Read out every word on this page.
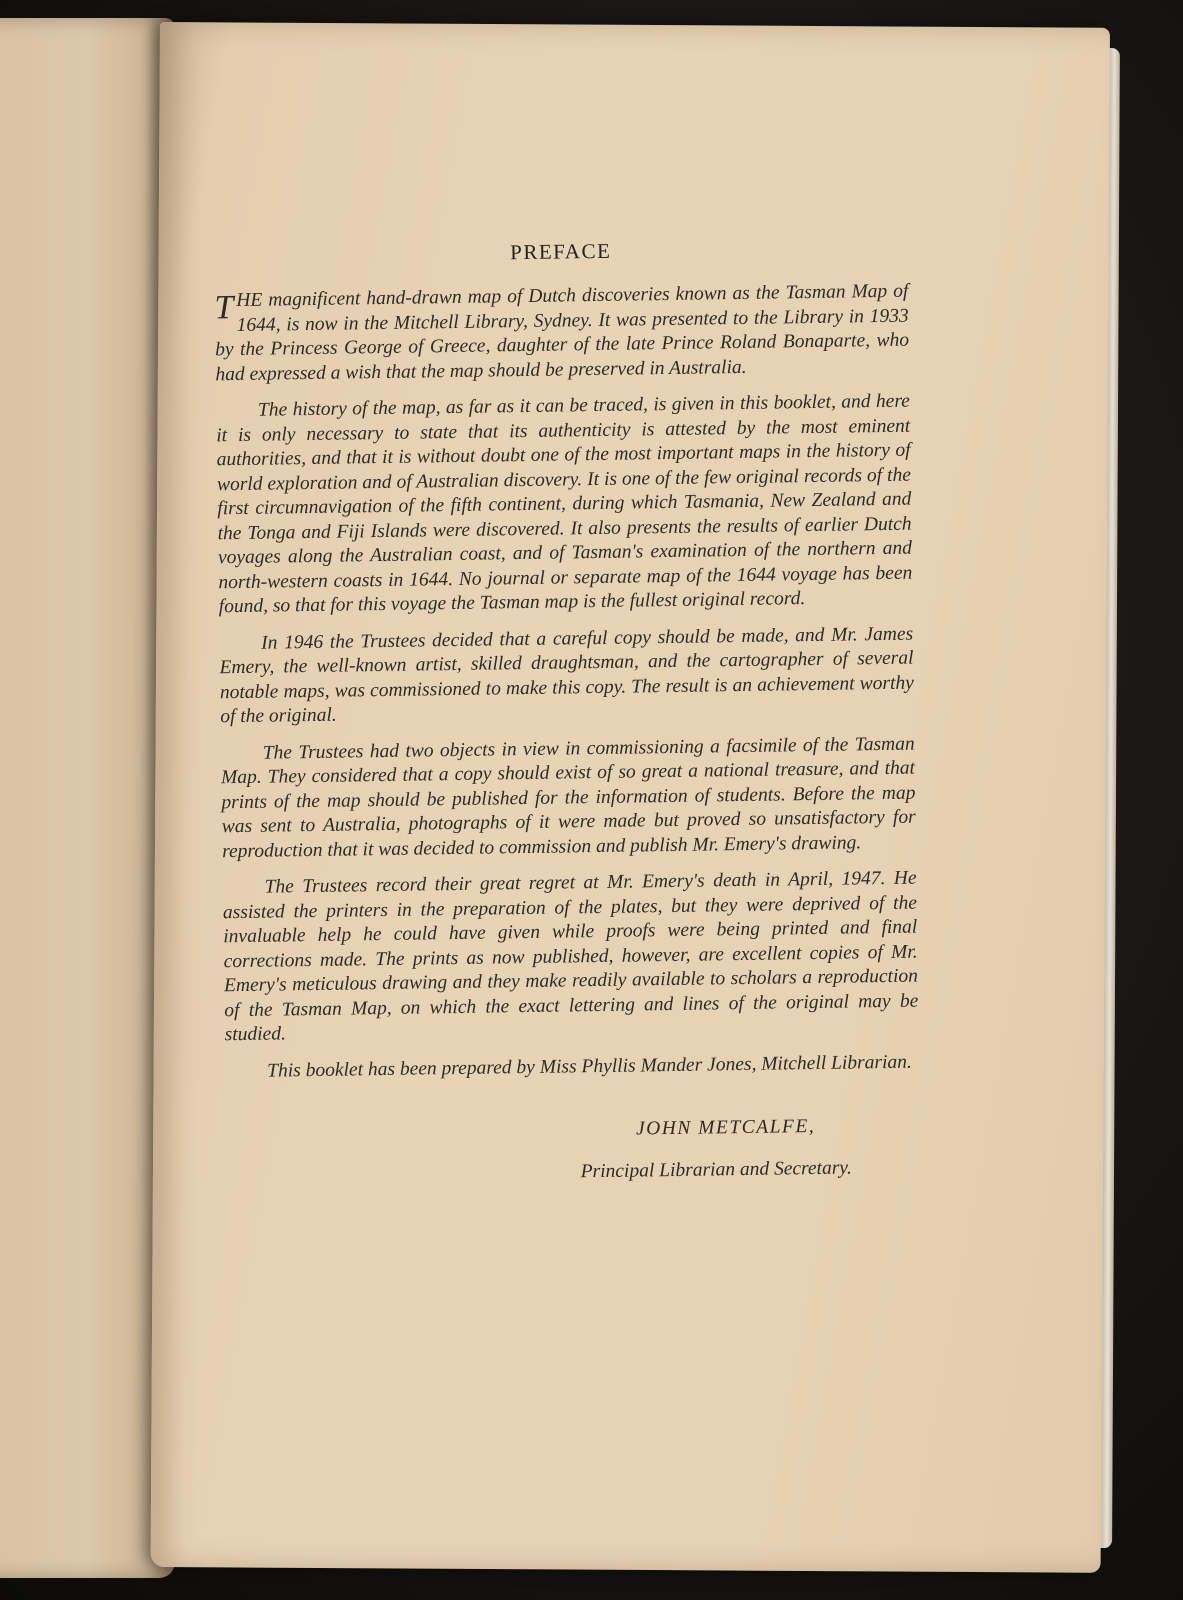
PREFACE

THE magnificent hand-drawn map of Dutch discoveries known as the Tasman Map of 1644, is now in the Mitchell Library, Sydney. It was presented to the Library in 1933 by the Princess George of Greece, daughter of the late Prince Roland Bonaparte, who had expressed a wish that the map should be preserved in Australia.

The history of the map, as far as it can be traced, is given in this booklet, and here it is only necessary to state that its authenticity is attested by the most eminent authorities, and that it is without doubt one of the most important maps in the history of world exploration and of Australian discovery. It is one of the few original records of the first circumnavigation of the fifth continent, during which Tasmania, New Zealand and the Tonga and Fiji Islands were discovered. It also presents the results of earlier Dutch voyages along the Australian coast, and of Tasman's examination of the northern and north-western coasts in 1644. No journal or separate map of the 1644 voyage has been found, so that for this voyage the Tasman map is the fullest original record.

In 1946 the Trustees decided that a careful copy should be made, and Mr. James Emery, the well-known artist, skilled draughtsman, and the cartographer of several notable maps, was commissioned to make this copy. The result is an achievement worthy of the original.

The Trustees had two objects in view in commissioning a facsimile of the Tasman Map. They considered that a copy should exist of so great a national treasure, and that prints of the map should be published for the information of students. Before the map was sent to Australia, photographs of it were made but proved so unsatisfactory for reproduction that it was decided to commission and publish Mr. Emery's drawing.

The Trustees record their great regret at Mr. Emery's death in April, 1947. He assisted the printers in the preparation of the plates, but they were deprived of the invaluable help he could have given while proofs were being printed and final corrections made. The prints as now published, however, are excellent copies of Mr. Emery's meticulous drawing and they make readily available to scholars a reproduction of the Tasman Map, on which the exact lettering and lines of the original may be studied.

This booklet has been prepared by Miss Phyllis Mander Jones, Mitchell Librarian.

JOHN METCALFE,
Principal Librarian and Secretary.
